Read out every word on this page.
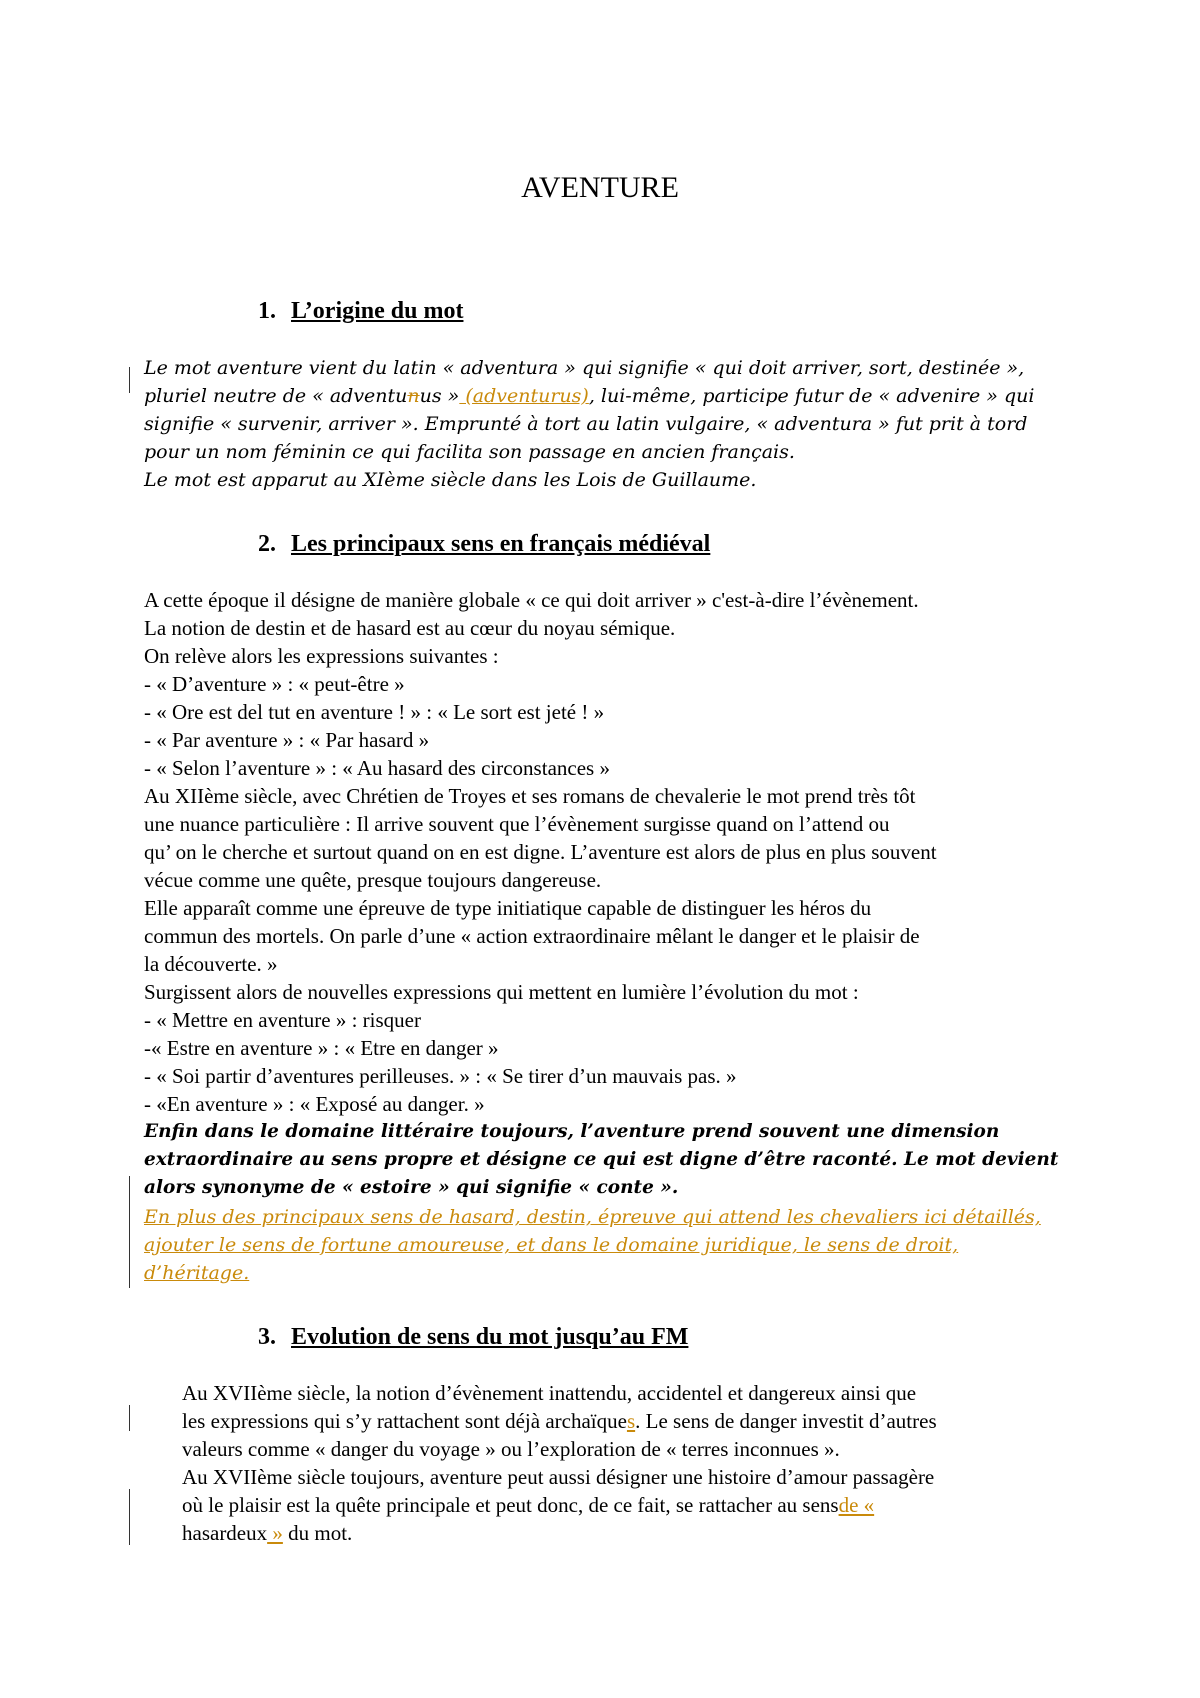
AVENTURE
1. L’origine du mot
Le mot aventure vient du latin « adventura » qui signifie « qui doit arriver, sort, destinée »,
pluriel neutre de « adventunus » (adventurus), lui-même, participe futur de « advenire » qui
signifie « survenir, arriver ». Emprunté à tort au latin vulgaire, « adventura » fut prit à tord
pour un nom féminin ce qui facilita son passage en ancien français.
Le mot est apparut au XIème siècle dans les Lois de Guillaume.
2. Les principaux sens en français médiéval
A cette époque il désigne de manière globale « ce qui doit arriver » c'est-à-dire l’évènement.
La notion de destin et de hasard est au cœur du noyau sémique.
On relève alors les expressions suivantes :
- « D’aventure » : « peut-être »
- « Ore est del tut en aventure ! » : « Le sort est jeté ! »
- « Par aventure » : « Par hasard »
- « Selon l’aventure » : « Au hasard des circonstances »
Au XIIème siècle, avec Chrétien de Troyes et ses romans de chevalerie le mot prend très tôt
une nuance particulière : Il arrive souvent que l’évènement surgisse quand on l’attend ou
qu’ on le cherche et surtout quand on en est digne. L’aventure est alors de plus en plus souvent
vécue comme une quête, presque toujours dangereuse.
Elle apparaît comme une épreuve de type initiatique capable de distinguer les héros du
commun des mortels. On parle d’une « action extraordinaire mêlant le danger et le plaisir de
la découverte. »
Surgissent alors de nouvelles expressions qui mettent en lumière l’évolution du mot :
- « Mettre en aventure » : risquer
-« Estre en aventure » : « Etre en danger »
- « Soi partir d’aventures perilleuses. » : « Se tirer d’un mauvais pas. »
- «En aventure » : « Exposé au danger. »
Enfin dans le domaine littéraire toujours, l’aventure prend souvent une dimension
extraordinaire au sens propre et désigne ce qui est digne d’être raconté. Le mot devient
alors synonyme de « estoire » qui signifie « conte ».
En plus des principaux sens de hasard, destin, épreuve qui attend les chevaliers ici détaillés,
ajouter le sens de fortune amoureuse, et dans le domaine juridique, le sens de droit,
d’héritage.
3. Evolution de sens du mot jusqu’au FM
Au XVIIème siècle, la notion d’évènement inattendu, accidentel et dangereux ainsi que
les expressions qui s’y rattachent sont déjà archaïques. Le sens de danger investit d’autres
valeurs comme « danger du voyage » ou l’exploration de « terres inconnues ».
Au XVIIème siècle toujours, aventure peut aussi désigner une histoire d’amour passagère
où le plaisir est la quête principale et peut donc, de ce fait, se rattacher au sensde «
hasardeux » du mot.
